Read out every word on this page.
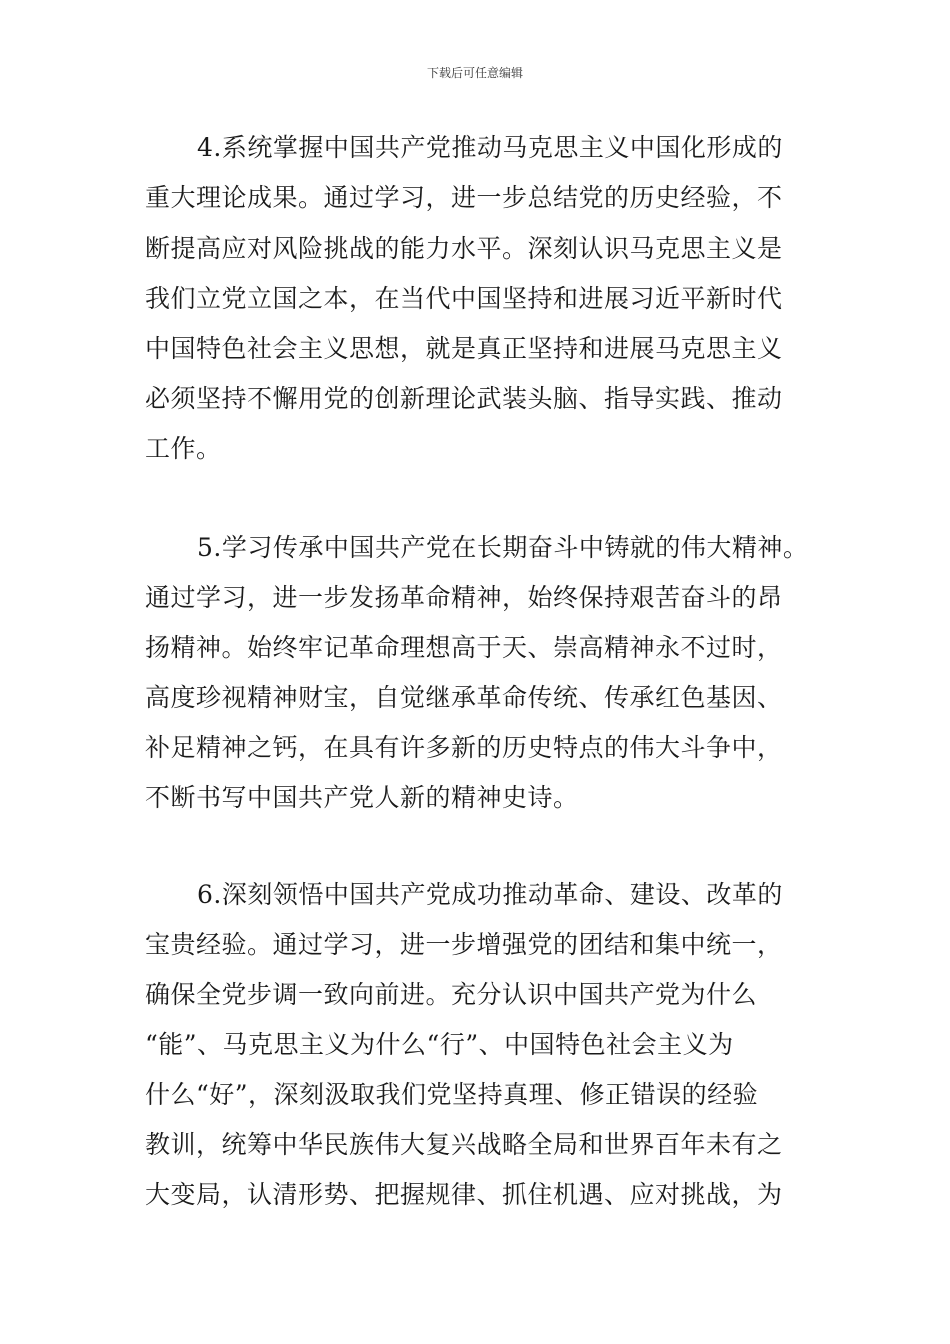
下载后可任意编辑
4.系统掌握中国共产党推动马克思主义中国化形成的
重大理论成果。通过学习，进一步总结党的历史经验，不
断提高应对风险挑战的能力水平。深刻认识马克思主义是
我们立党立国之本，在当代中国坚持和进展习近平新时代
中国特色社会主义思想，就是真正坚持和进展马克思主义
必须坚持不懈用党的创新理论武装头脑、指导实践、推动
工作。
5.学习传承中国共产党在长期奋斗中铸就的伟大精神。
通过学习，进一步发扬革命精神，始终保持艰苦奋斗的昂
扬精神。始终牢记革命理想高于天、崇高精神永不过时，
高度珍视精神财宝，自觉继承革命传统、传承红色基因、
补足精神之钙，在具有许多新的历史特点的伟大斗争中，
不断书写中国共产党人新的精神史诗。
6.深刻领悟中国共产党成功推动革命、建设、改革的
宝贵经验。通过学习，进一步增强党的团结和集中统一，
确保全党步调一致向前进。充分认识中国共产党为什么
“能”、马克思主义为什么“行”、中国特色社会主义为
什么“好”，深刻汲取我们党坚持真理、修正错误的经验
教训，统筹中华民族伟大复兴战略全局和世界百年未有之
大变局，认清形势、把握规律、抓住机遇、应对挑战，为
